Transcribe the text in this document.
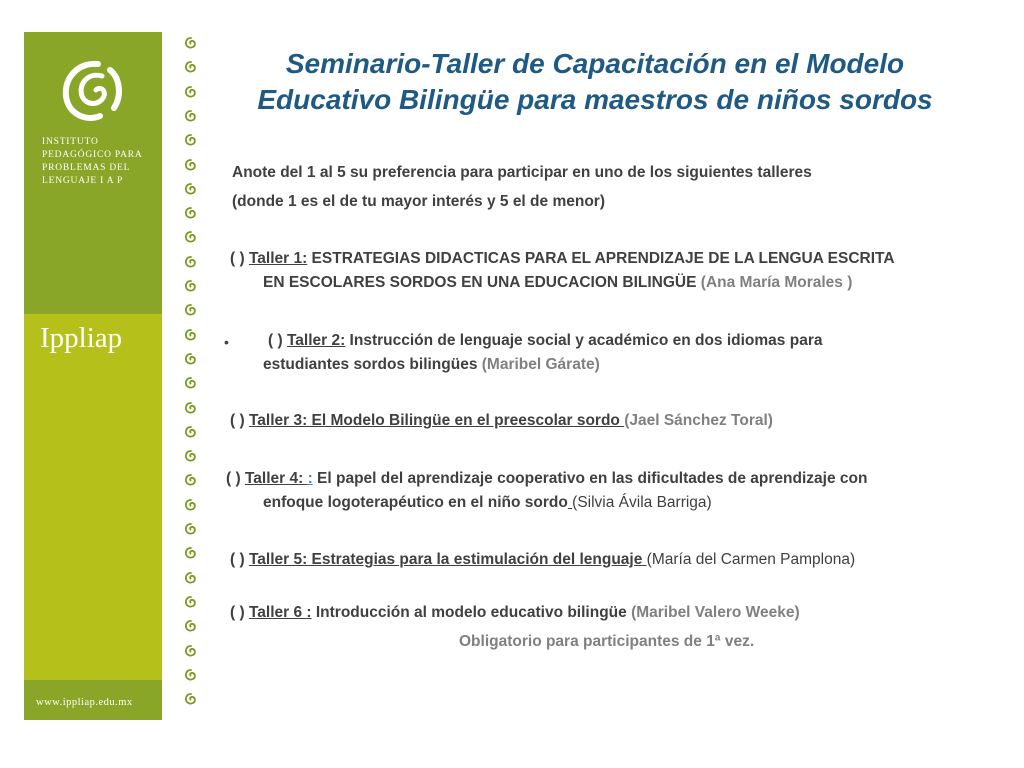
INSTITUTO
PEDAGÓGICO PARA
PROBLEMAS DEL
LENGUAJE I A P
Ippliap
www.ippliap.edu.mx
Seminario-Taller de Capacitación en el Modelo
Educativo Bilingüe para maestros de niños sordos
Anote del 1 al 5 su preferencia para participar en uno de los siguientes talleres
(donde 1 es el de tu mayor interés y 5 el de menor)
( ) Taller 1: ESTRATEGIAS DIDACTICAS PARA EL APRENDIZAJE DE LA LENGUA ESCRITA
EN ESCOLARES SORDOS EN UNA EDUCACION BILINGÜE (Ana María Morales )
•	( ) Taller 2: Instrucción de lenguaje social y académico en dos idiomas para
estudiantes sordos bilingües (Maribel Gárate)
( ) Taller 3: El Modelo Bilingüe en el preescolar sordo (Jael Sánchez Toral)
( ) Taller 4: : El papel del aprendizaje cooperativo en las dificultades de aprendizaje con
enfoque logoterapéutico en el niño sordo (Silvia Ávila Barriga)
( ) Taller 5: Estrategias para la estimulación del lenguaje (María del Carmen Pamplona)
( ) Taller 6 : Introducción al modelo educativo bilingüe (Maribel Valero Weeke)
Obligatorio para participantes de 1ª vez.
